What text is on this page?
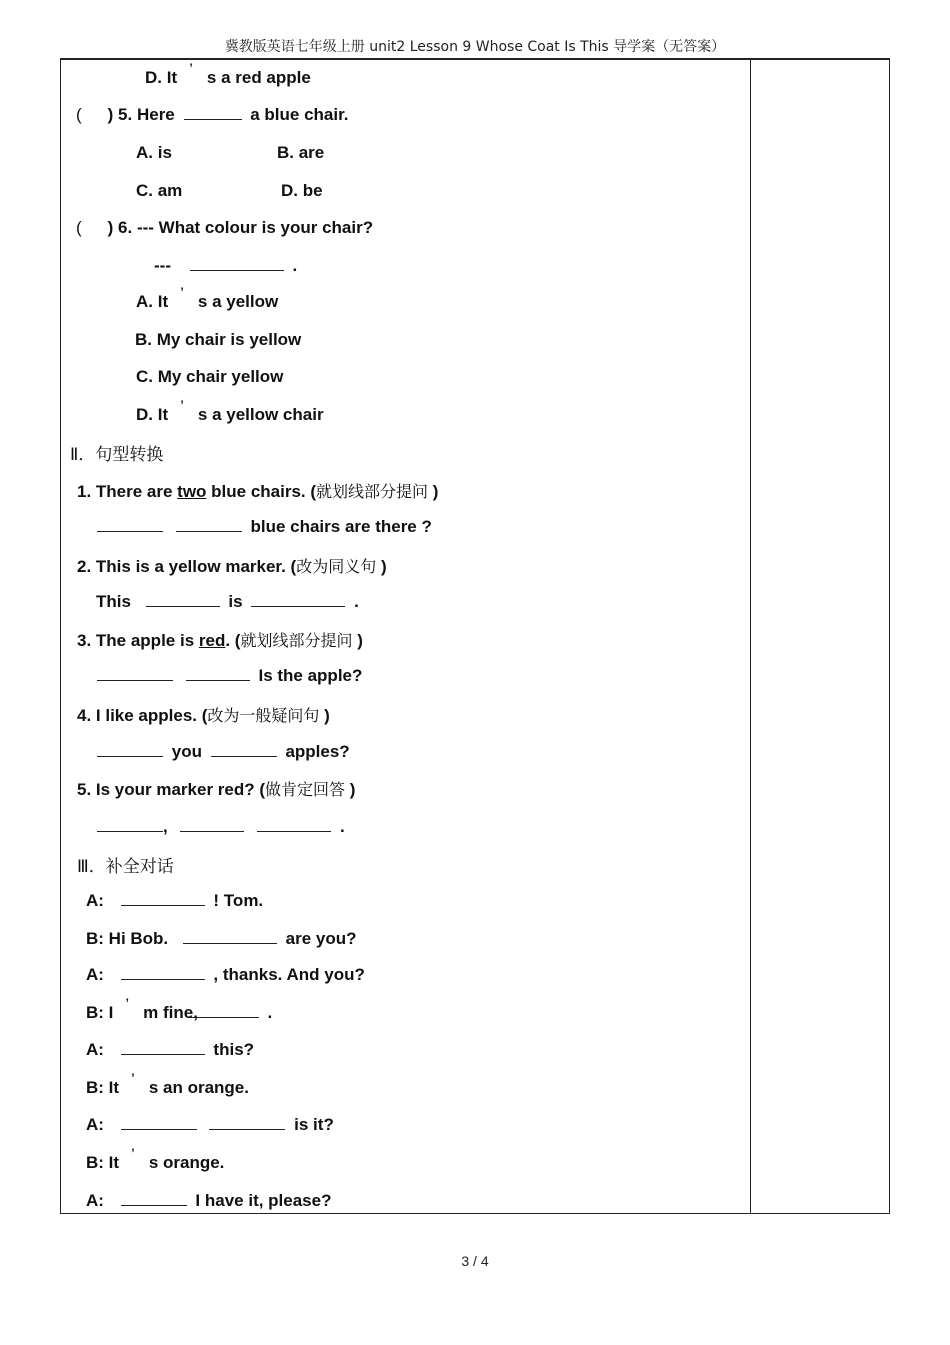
冀教版英语七年级上册 unit2 Lesson 9 Whose Coat Is This 导学案（无答案）
D. It ’ s a red apple
( ) 5. Here	a blue chair.
A. is	B. are
C. am	D. be
( ) 6. --- What colour is your chair?
---	.
A. It ’ s a yellow
B. My chair is yellow
C. My chair yellow
D. It ’ s a yellow chair
Ⅱ．句型转换
1. There are two blue chairs. (就划线部分提问 )
blue chairs are there ?
2. This is a yellow marker. (改为同义句 )
This	is	.
3. The apple is red. (就划线部分提问 )
Is the apple?
4. I like apples. (改为一般疑问句 )
you	apples?
5. Is your marker red? (做肯定回答 )
,	.
Ⅲ．补全对话
A:	! Tom.
B: Hi Bob.	are you?
A:	, thanks. And you?
B: I ’ m fine,	.
A:	this?
B: It ’ s an orange.
A:	is it?
B: It ’ s orange.
A:	I have it, please?
3 / 4
